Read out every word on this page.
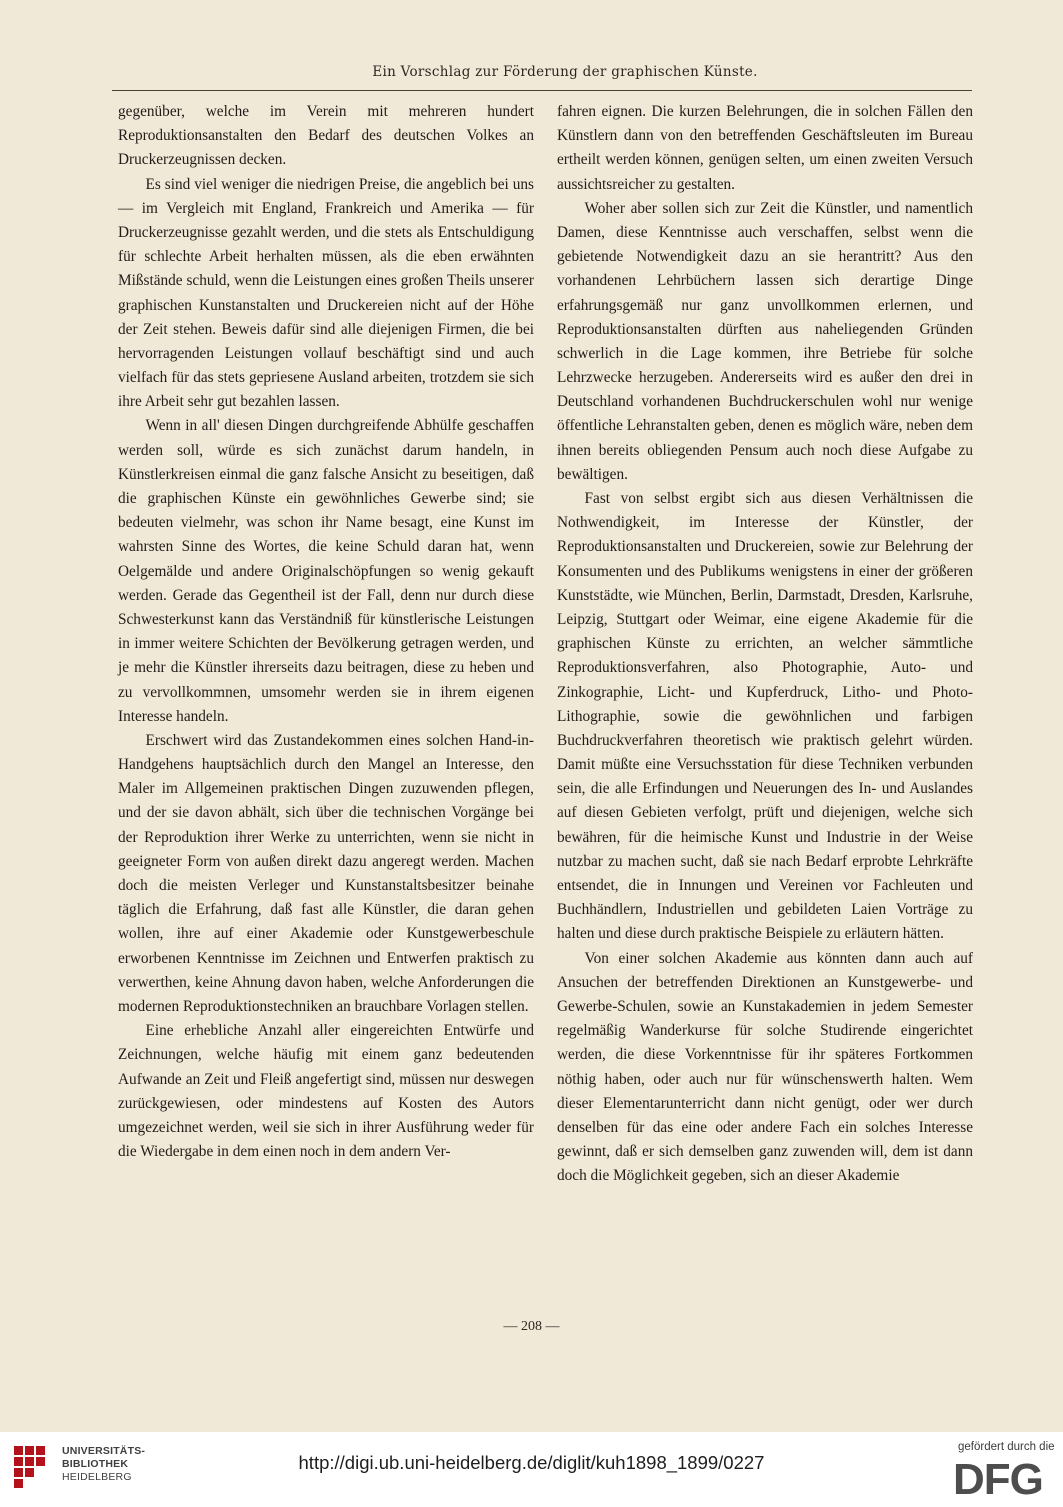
Ein Vorschlag zur Förderung der graphischen Künste.

gegenüber, welche im Verein mit mehreren hundert Reproduktionsanstalten den Bedarf des deutschen Volkes an Druckerzeugnissen decken.

Es sind viel weniger die niedrigen Preise, die angeblich bei uns — im Vergleich mit England, Frankreich und Amerika — für Druckerzeugnisse gezahlt werden, und die stets als Entschuldigung für schlechte Arbeit herhalten müssen, als die eben erwähnten Mißstände schuld, wenn die Leistungen eines großen Theils unserer graphischen Kunstanstalten und Druckereien nicht auf der Höhe der Zeit stehen. Beweis dafür sind alle diejenigen Firmen, die bei hervorragenden Leistungen vollauf beschäftigt sind und auch vielfach für das stets gepriesene Ausland arbeiten, trotzdem sie sich ihre Arbeit sehr gut bezahlen lassen.

Wenn in all' diesen Dingen durchgreifende Abhülfe geschaffen werden soll, würde es sich zunächst darum handeln, in Künstlerkreisen einmal die ganz falsche Ansicht zu beseitigen, daß die graphischen Künste ein gewöhnliches Gewerbe sind; sie bedeuten vielmehr, was schon ihr Name besagt, eine Kunst im wahrsten Sinne des Wortes, die keine Schuld daran hat, wenn Oelgemälde und andere Originalschöpfungen so wenig gekauft werden. Gerade das Gegentheil ist der Fall, denn nur durch diese Schwesterkunst kann das Verständniß für künstlerische Leistungen in immer weitere Schichten der Bevölkerung getragen werden, und je mehr die Künstler ihrerseits dazu beitragen, diese zu heben und zu vervollkommnen, umsomehr werden sie in ihrem eigenen Interesse handeln.

Erschwert wird das Zustandekommen eines solchen Hand-in-Handgehens hauptsächlich durch den Mangel an Interesse, den Maler im Allgemeinen praktischen Dingen zuzuwenden pflegen, und der sie davon abhält, sich über die technischen Vorgänge bei der Reproduktion ihrer Werke zu unterrichten, wenn sie nicht in geeigneter Form von außen direkt dazu angeregt werden. Machen doch die meisten Verleger und Kunstanstaltsbesitzer beinahe täglich die Erfahrung, daß fast alle Künstler, die daran gehen wollen, ihre auf einer Akademie oder Kunstgewerbeschule erworbenen Kenntnisse im Zeichnen und Entwerfen praktisch zu verwerthen, keine Ahnung davon haben, welche Anforderungen die modernen Reproduktionstechniken an brauchbare Vorlagen stellen.

Eine erhebliche Anzahl aller eingereichten Entwürfe und Zeichnungen, welche häufig mit einem ganz bedeutenden Aufwande an Zeit und Fleiß angefertigt sind, müssen nur deswegen zurückgewiesen, oder mindestens auf Kosten des Autors umgezeichnet werden, weil sie sich in ihrer Ausführung weder für die Wiedergabe in dem einen noch in dem andern Ver-

fahren eignen. Die kurzen Belehrungen, die in solchen Fällen den Künstlern dann von den betreffenden Geschäftsleuten im Bureau ertheilt werden können, genügen selten, um einen zweiten Versuch aussichtsreicher zu gestalten.

Woher aber sollen sich zur Zeit die Künstler, und namentlich Damen, diese Kenntnisse auch verschaffen, selbst wenn die gebietende Notwendigkeit dazu an sie herantritt? Aus den vorhandenen Lehrbüchern lassen sich derartige Dinge erfahrungsgemäß nur ganz unvollkommen erlernen, und Reproduktionsanstalten dürften aus naheliegenden Gründen schwerlich in die Lage kommen, ihre Betriebe für solche Lehrzwecke herzugeben. Andererseits wird es außer den drei in Deutschland vorhandenen Buchdruckerschulen wohl nur wenige öffentliche Lehranstalten geben, denen es möglich wäre, neben dem ihnen bereits obliegenden Pensum auch noch diese Aufgabe zu bewältigen.

Fast von selbst ergibt sich aus diesen Verhältnissen die Nothwendigkeit, im Interesse der Künstler, der Reproduktionsanstalten und Druckereien, sowie zur Belehrung der Konsumenten und des Publikums wenigstens in einer der größeren Kunststädte, wie München, Berlin, Darmstadt, Dresden, Karlsruhe, Leipzig, Stuttgart oder Weimar, eine eigene Akademie für die graphischen Künste zu errichten, an welcher sämmtliche Reproduktionsverfahren, also Photographie, Auto- und Zinkographie, Licht- und Kupferdruck, Litho- und Photo-Lithographie, sowie die gewöhnlichen und farbigen Buchdruckverfahren theoretisch wie praktisch gelehrt würden. Damit müßte eine Versuchsstation für diese Techniken verbunden sein, die alle Erfindungen und Neuerungen des In- und Auslandes auf diesen Gebieten verfolgt, prüft und diejenigen, welche sich bewähren, für die heimische Kunst und Industrie in der Weise nutzbar zu machen sucht, daß sie nach Bedarf erprobte Lehrkräfte entsendet, die in Innungen und Vereinen vor Fachleuten und Buchhändlern, Industriellen und gebildeten Laien Vorträge zu halten und diese durch praktische Beispiele zu erläutern hätten.

Von einer solchen Akademie aus könnten dann auch auf Ansuchen der betreffenden Direktionen an Kunstgewerbe- und Gewerbe-Schulen, sowie an Kunstakademien in jedem Semester regelmäßig Wanderkurse für solche Studirende eingerichtet werden, die diese Vorkenntnisse für ihr späteres Fortkommen nöthig haben, oder auch nur für wünschenswerth halten. Wem dieser Elementarunterricht dann nicht genügt, oder wer durch denselben für das eine oder andere Fach ein solches Interesse gewinnt, daß er sich demselben ganz zuwenden will, dem ist dann doch die Möglichkeit gegeben, sich an dieser Akademie

— 208 —
UNIVERSITÄTS-
BIBLIOTHEK
HEIDELBERG
http://digi.ub.uni-heidelberg.de/diglit/kuh1898_1899/0227
gefördert durch die
DFG
